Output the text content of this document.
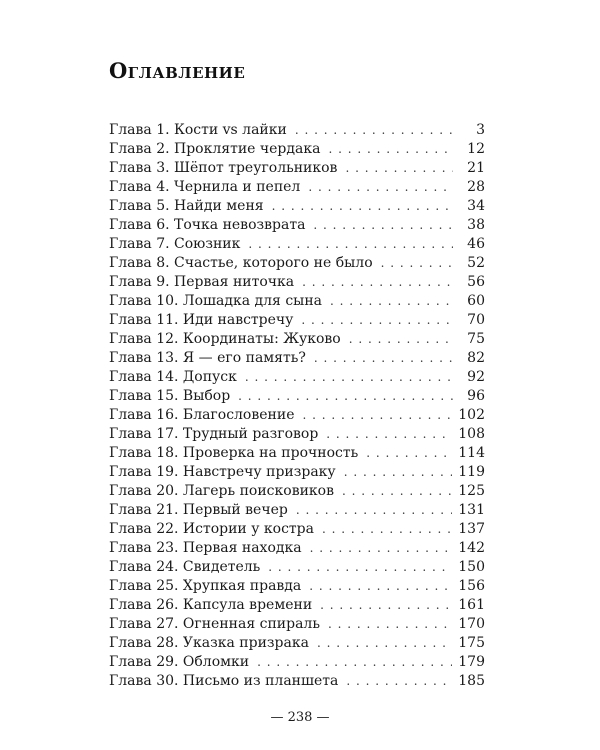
Оглавление
Глава 1. Кости vs лайки . . .	3
Глава 2. Проклятие чердака . . .	12
Глава 3. Шёпот треугольников . . .	21
Глава 4. Чернила и пепел . . .	28
Глава 5. Найди меня . . .	34
Глава 6. Точка невозврата . . .	38
Глава 7. Союзник . . .	46
Глава 8. Счастье, которого не было . . .	52
Глава 9. Первая ниточка . . .	56
Глава 10. Лошадка для сына . . .	60
Глава 11. Иди навстречу . . .	70
Глава 12. Координаты: Жуково . . .	75
Глава 13. Я — его память? . . .	82
Глава 14. Допуск . . .	92
Глава 15. Выбор . . .	96
Глава 16. Благословение . . .	102
Глава 17. Трудный разговор . . .	108
Глава 18. Проверка на прочность . . .	114
Глава 19. Навстречу призраку . . .	119
Глава 20. Лагерь поисковиков . . .	125
Глава 21. Первый вечер . . .	131
Глава 22. Истории у костра . . .	137
Глава 23. Первая находка . . .	142
Глава 24. Свидетель . . .	150
Глава 25. Хрупкая правда . . .	156
Глава 26. Капсула времени . . .	161
Глава 27. Огненная спираль . . .	170
Глава 28. Указка призрака . . .	175
Глава 29. Обломки . . .	179
Глава 30. Письмо из планшета . . .	185
— 238 —
